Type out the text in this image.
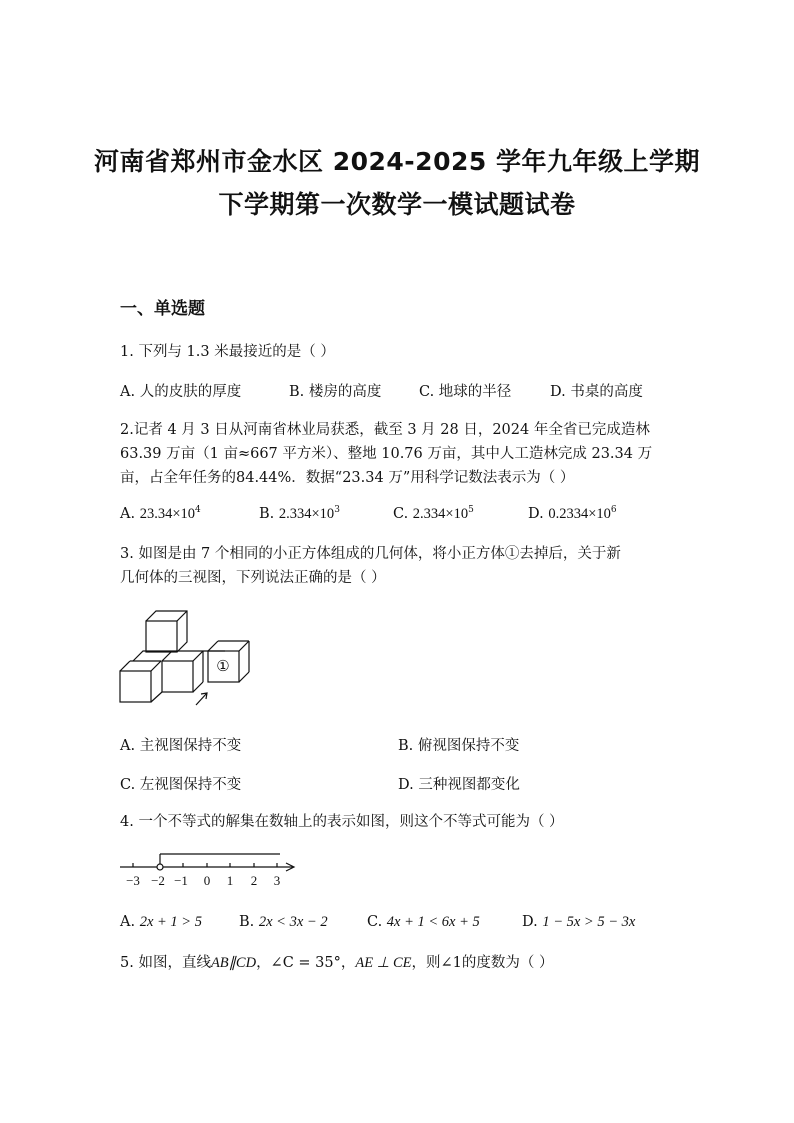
河南省郑州市金水区 2024-2025 学年九年级上学期
下学期第一次数学一模试题试卷
一、单选题
1. 下列与 1.3 米最接近的是（ ）
A. 人的皮肤的厚度	B. 楼房的高度	C. 地球的半径	D. 书桌的高度
2.记者 4 月 3 日从河南省林业局获悉，截至 3 月 28 日，2024 年全省已完成造林
63.39 万亩（1 亩≈667 平方米）、整地 10.76 万亩，其中人工造林完成 23.34 万
亩，占全年任务的84.44%．数据“23.34 万”用科学记数法表示为（ ）
A. $23.34\times 10^4$	B. $2.334\times 10^3$	C. $2.334\times 10^5$	D. $0.2334\times 10^6$
3. 如图是由 7 个相同的小正方体组成的几何体，将小正方体①去掉后，关于新
几何体的三视图，下列说法正确的是（ ）
①
A. 主视图保持不变	B. 俯视图保持不变
C. 左视图保持不变	D. 三种视图都变化
4. 一个不等式的解集在数轴上的表示如图，则这个不等式可能为（ ）
−3 −2 −1 0 1 2 3
A. 2x + 1 > 5	B. 2x < 3x − 2	C. 4x + 1 < 6x + 5	D. 1 − 5x > 5 − 3x
5. 如图，直线AB∥CD，∠C = 35°，AE ⊥ CE，则∠1的度数为（ ）
